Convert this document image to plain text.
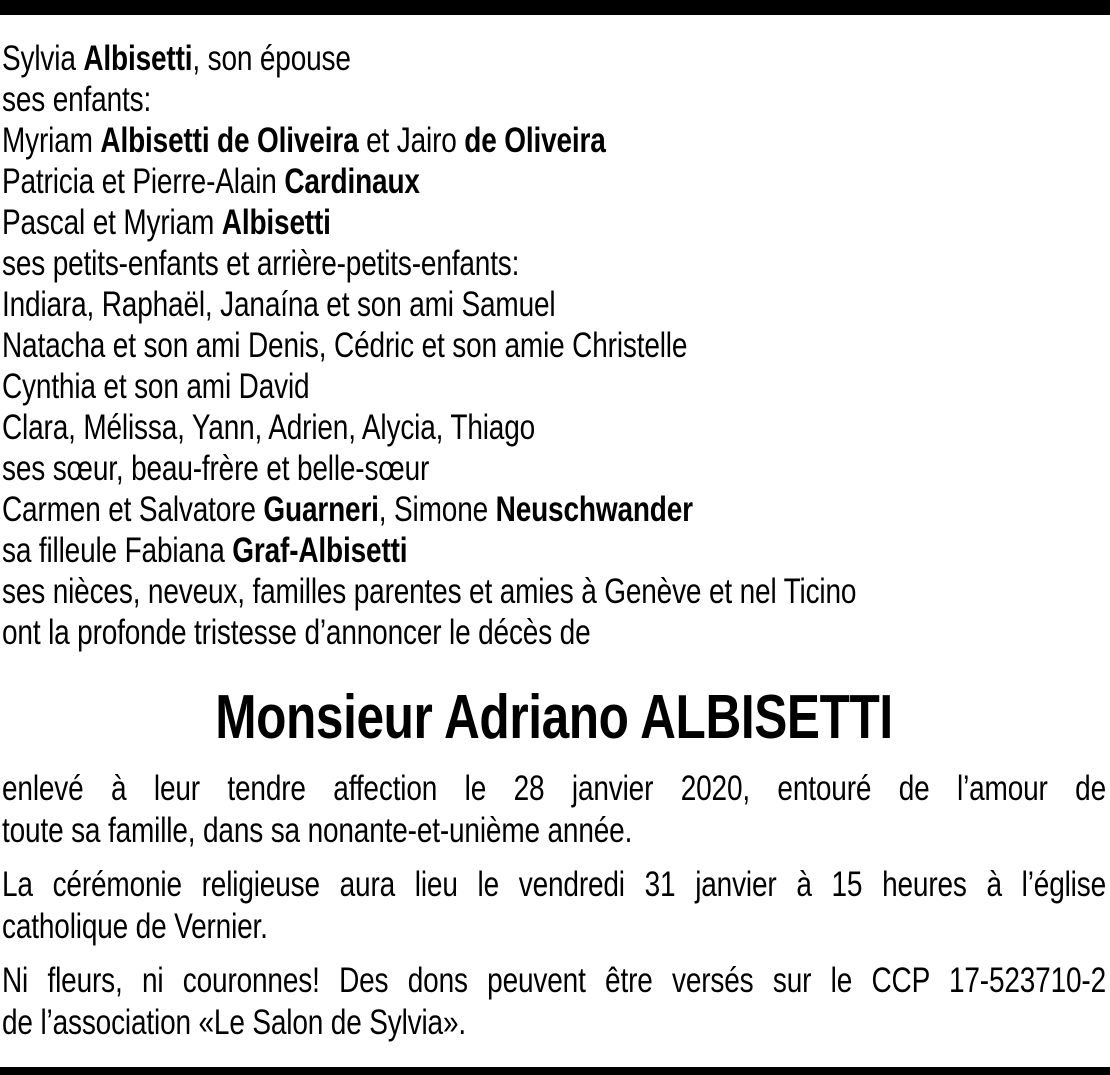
Sylvia Albisetti, son épouse
ses enfants:
Myriam Albisetti de Oliveira et Jairo de Oliveira
Patricia et Pierre-Alain Cardinaux
Pascal et Myriam Albisetti
ses petits-enfants et arrière-petits-enfants:
Indiara, Raphaël, Janaína et son ami Samuel
Natacha et son ami Denis, Cédric et son amie Christelle
Cynthia et son ami David
Clara, Mélissa, Yann, Adrien, Alycia, Thiago
ses sœur, beau-frère et belle-sœur
Carmen et Salvatore Guarneri, Simone Neuschwander
sa filleule Fabiana Graf-Albisetti
ses nièces, neveux, familles parentes et amies à Genève et nel Ticino
ont la profonde tristesse d’annoncer le décès de
Monsieur Adriano ALBISETTI
enlevé à leur tendre affection le 28 janvier 2020, entouré de l’amour de
toute sa famille, dans sa nonante-et-unième année.
La cérémonie religieuse aura lieu le vendredi 31 janvier à 15 heures à l’église
catholique de Vernier.
Ni fleurs, ni couronnes! Des dons peuvent être versés sur le CCP 17-523710-2
de l’association «Le Salon de Sylvia».
